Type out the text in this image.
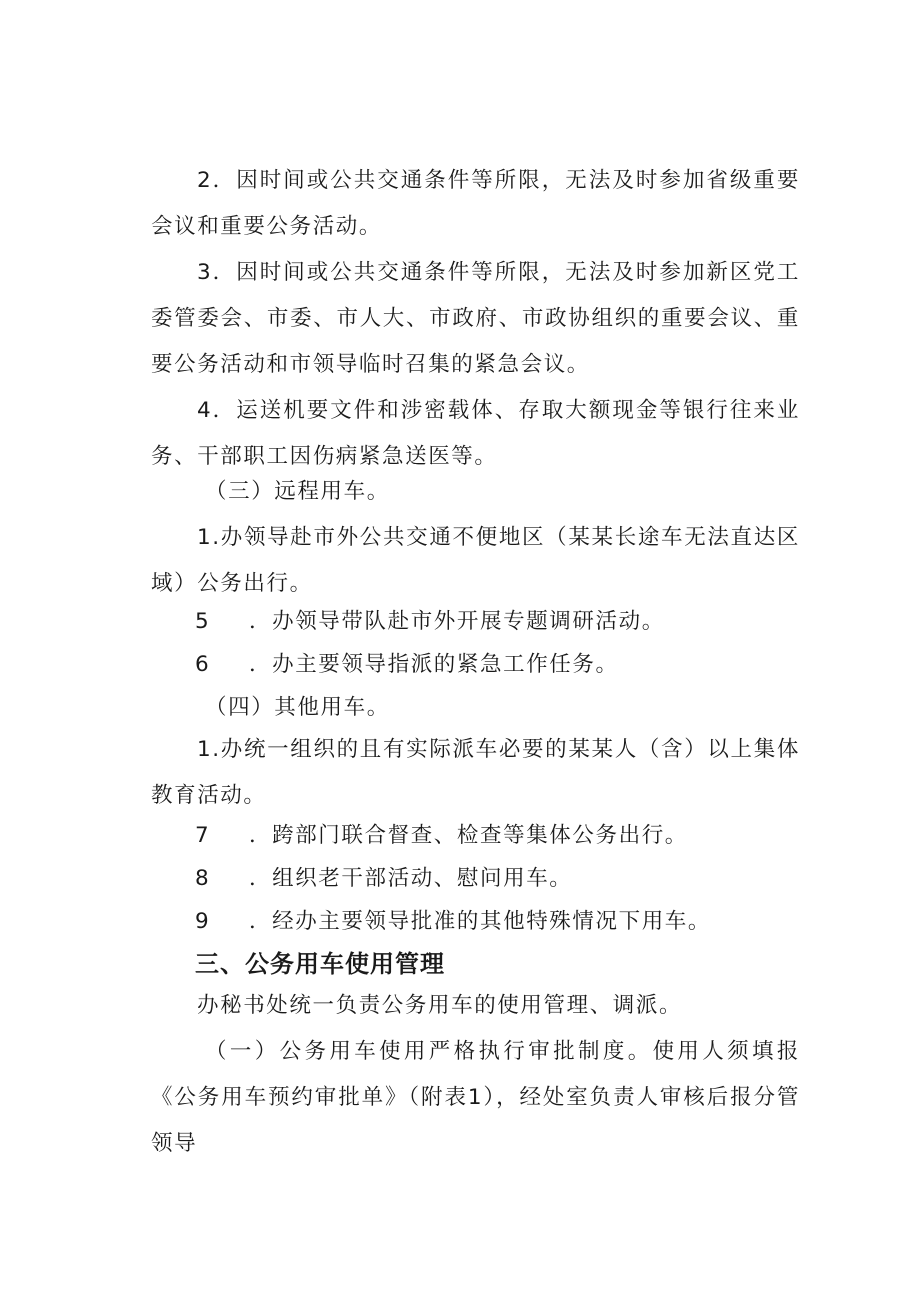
2．因时间或公共交通条件等所限，无法及时参加省级重要会议和重要公务活动。

3．因时间或公共交通条件等所限，无法及时参加新区党工委管委会、市委、市人大、市政府、市政协组织的重要会议、重要公务活动和市领导临时召集的紧急会议。

4．运送机要文件和涉密载体、存取大额现金等银行往来业务、干部职工因伤病紧急送医等。

（三）远程用车。

1.办领导赴市外公共交通不便地区（某某长途车无法直达区域）公务出行。

5 ．办领导带队赴市外开展专题调研活动。
6 ．办主要领导指派的紧急工作任务。

（四）其他用车。

1.办统一组织的且有实际派车必要的某某人（含）以上集体教育活动。

7 ．跨部门联合督查、检查等集体公务出行。
8 ．组织老干部活动、慰问用车。
9 ．经办主要领导批准的其他特殊情况下用车。
三、公务用车使用管理

办秘书处统一负责公务用车的使用管理、调派。

（一）公务用车使用严格执行审批制度。使用人须填报《公务用车预约审批单》（附表1），经处室负责人审核后报分管领导
